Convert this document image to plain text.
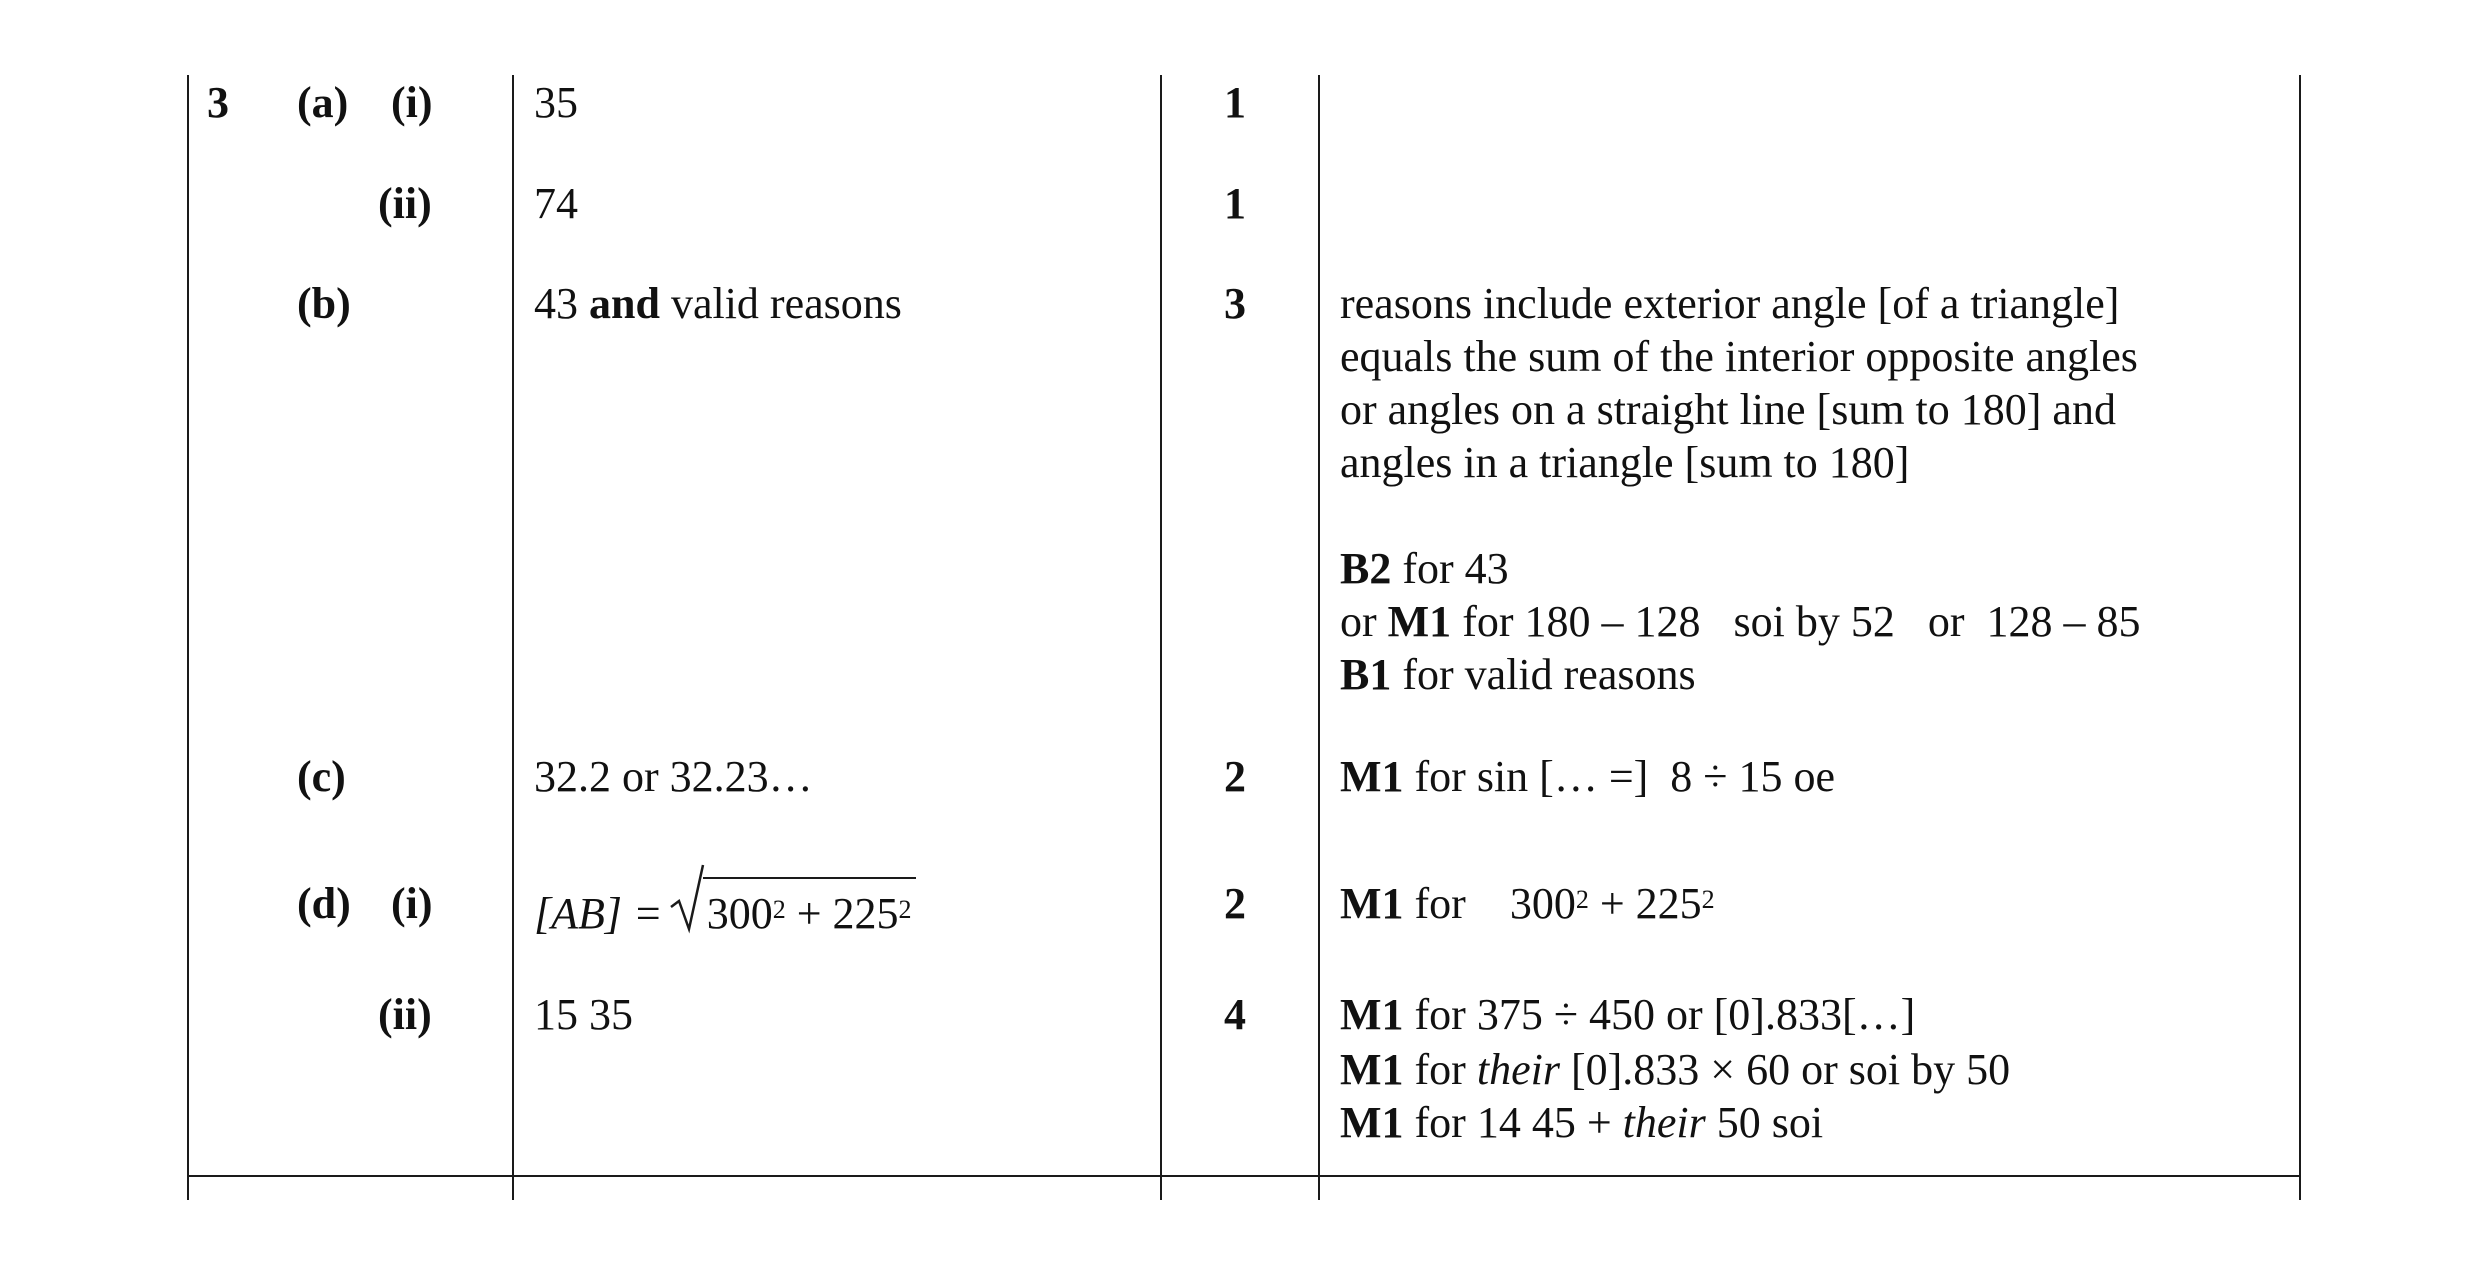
3 (a) (i) 35	1
(ii) 74	1
(b)	43 and valid reasons	3 reasons include exterior angle [of a triangle]
equals the sum of the interior opposite angles
or angles on a straight line [sum to 180] and
angles in a triangle [sum to 180]
B2 for 43
or M1 for 180 – 128   soi by 52   or  128 – 85
B1 for valid reasons
(c)	32.2 or 32.23…	2 M1 for sin [… =]  8 ÷ 15 oe
(d) (i) $[AB] = 300^2 + 225^2$	2 M1 for $300^2 + 225^2$
(ii) 15 35	4 M1 for 375 ÷ 450 or [0].833[…]
M1 for their [0].833 × 60 or soi by 50
M1 for 14 45 + their 50 soi
